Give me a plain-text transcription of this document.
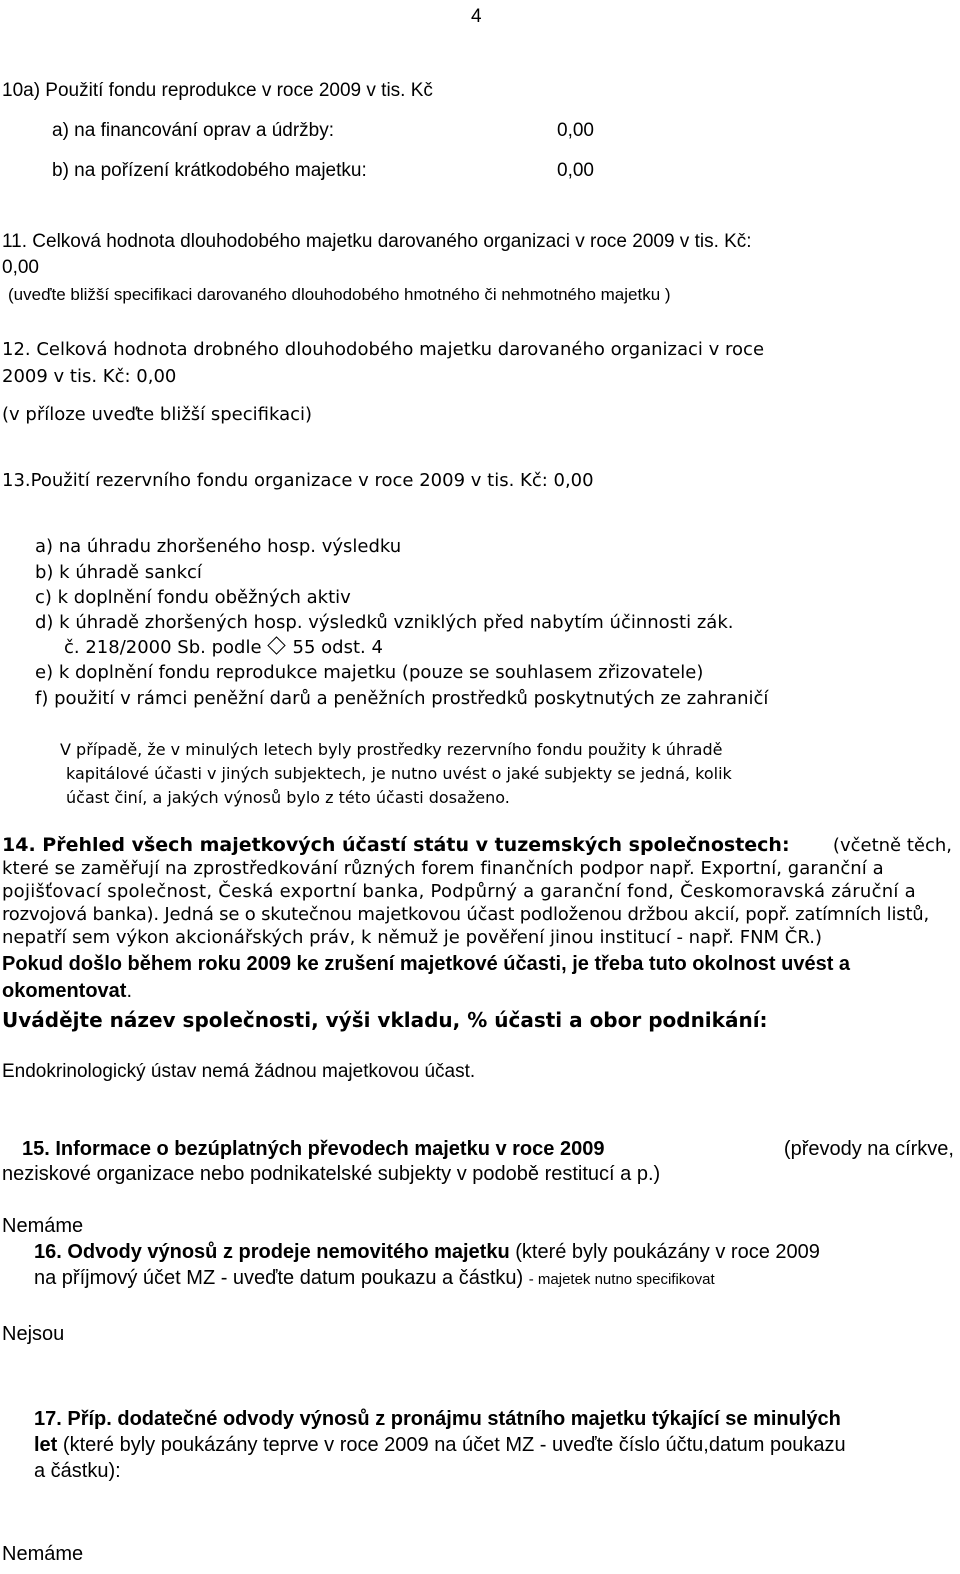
4
10a) Použití fondu reprodukce v roce 2009 v tis. Kč
a) na financování oprav a údržby:	0,00
b) na pořízení krátkodobého majetku:	0,00
11. Celková hodnota dlouhodobého majetku darovaného organizaci v roce 2009 v tis. Kč:
0,00
(uveďte bližší specifikaci darovaného dlouhodobého hmotného či nehmotného majetku )
12. Celková hodnota drobného dlouhodobého majetku darovaného organizaci v roce
2009 v tis. Kč: 0,00
(v příloze uveďte bližší specifikaci)
13.Použití rezervního fondu organizace v roce 2009 v tis. Kč: 0,00
a) na úhradu zhoršeného hosp. výsledku
b) k úhradě sankcí
c) k doplnění fondu oběžných aktiv
d) k úhradě zhoršených hosp. výsledků vzniklých před nabytím účinnosti zák.
č. 218/2000 Sb. podle 55 odst. 4
e) k doplnění fondu reprodukce majetku (pouze se souhlasem zřizovatele)
f) použití v rámci peněžní darů a peněžních prostředků poskytnutých ze zahraničí
V případě, že v minulých letech byly prostředky rezervního fondu použity k úhradě
kapitálové účasti v jiných subjektech, je nutno uvést o jaké subjekty se jedná, kolik
účast činí, a jakých výnosů bylo z této účasti dosaženo.
14. Přehled všech majetkových účastí státu v tuzemských společnostech: (včetně těch,
které se zaměřují na zprostředkování různých forem finančních podpor např. Exportní, garanční a
pojišťovací společnost, Česká exportní banka, Podpůrný a garanční fond, Českomoravská záruční a
rozvojová banka). Jedná se o skutečnou majetkovou účast podloženou držbou akcií, popř. zatímních listů,
nepatří sem výkon akcionářských práv, k němuž je pověření jinou institucí - např. FNM ČR.)
Pokud došlo během roku 2009 ke zrušení majetkové účasti, je třeba tuto okolnost uvést a
okomentovat.
Uvádějte název společnosti, výši vkladu, % účasti a obor podnikání:
Endokrinologický ústav nemá žádnou majetkovou účast.
15. Informace o bezúplatných převodech majetku v roce 2009	(převody na církve,
neziskové organizace nebo podnikatelské subjekty v podobě restitucí a p.)
Nemáme
16. Odvody výnosů z prodeje nemovitého majetku (které byly poukázány v roce 2009
na příjmový účet MZ - uveďte datum poukazu a částku) - majetek nutno specifikovat
Nejsou
17. Příp. dodatečné odvody výnosů z pronájmu státního majetku týkající se minulých
let (které byly poukázány teprve v roce 2009 na účet MZ - uveďte číslo účtu,datum poukazu
a částku):
Nemáme
